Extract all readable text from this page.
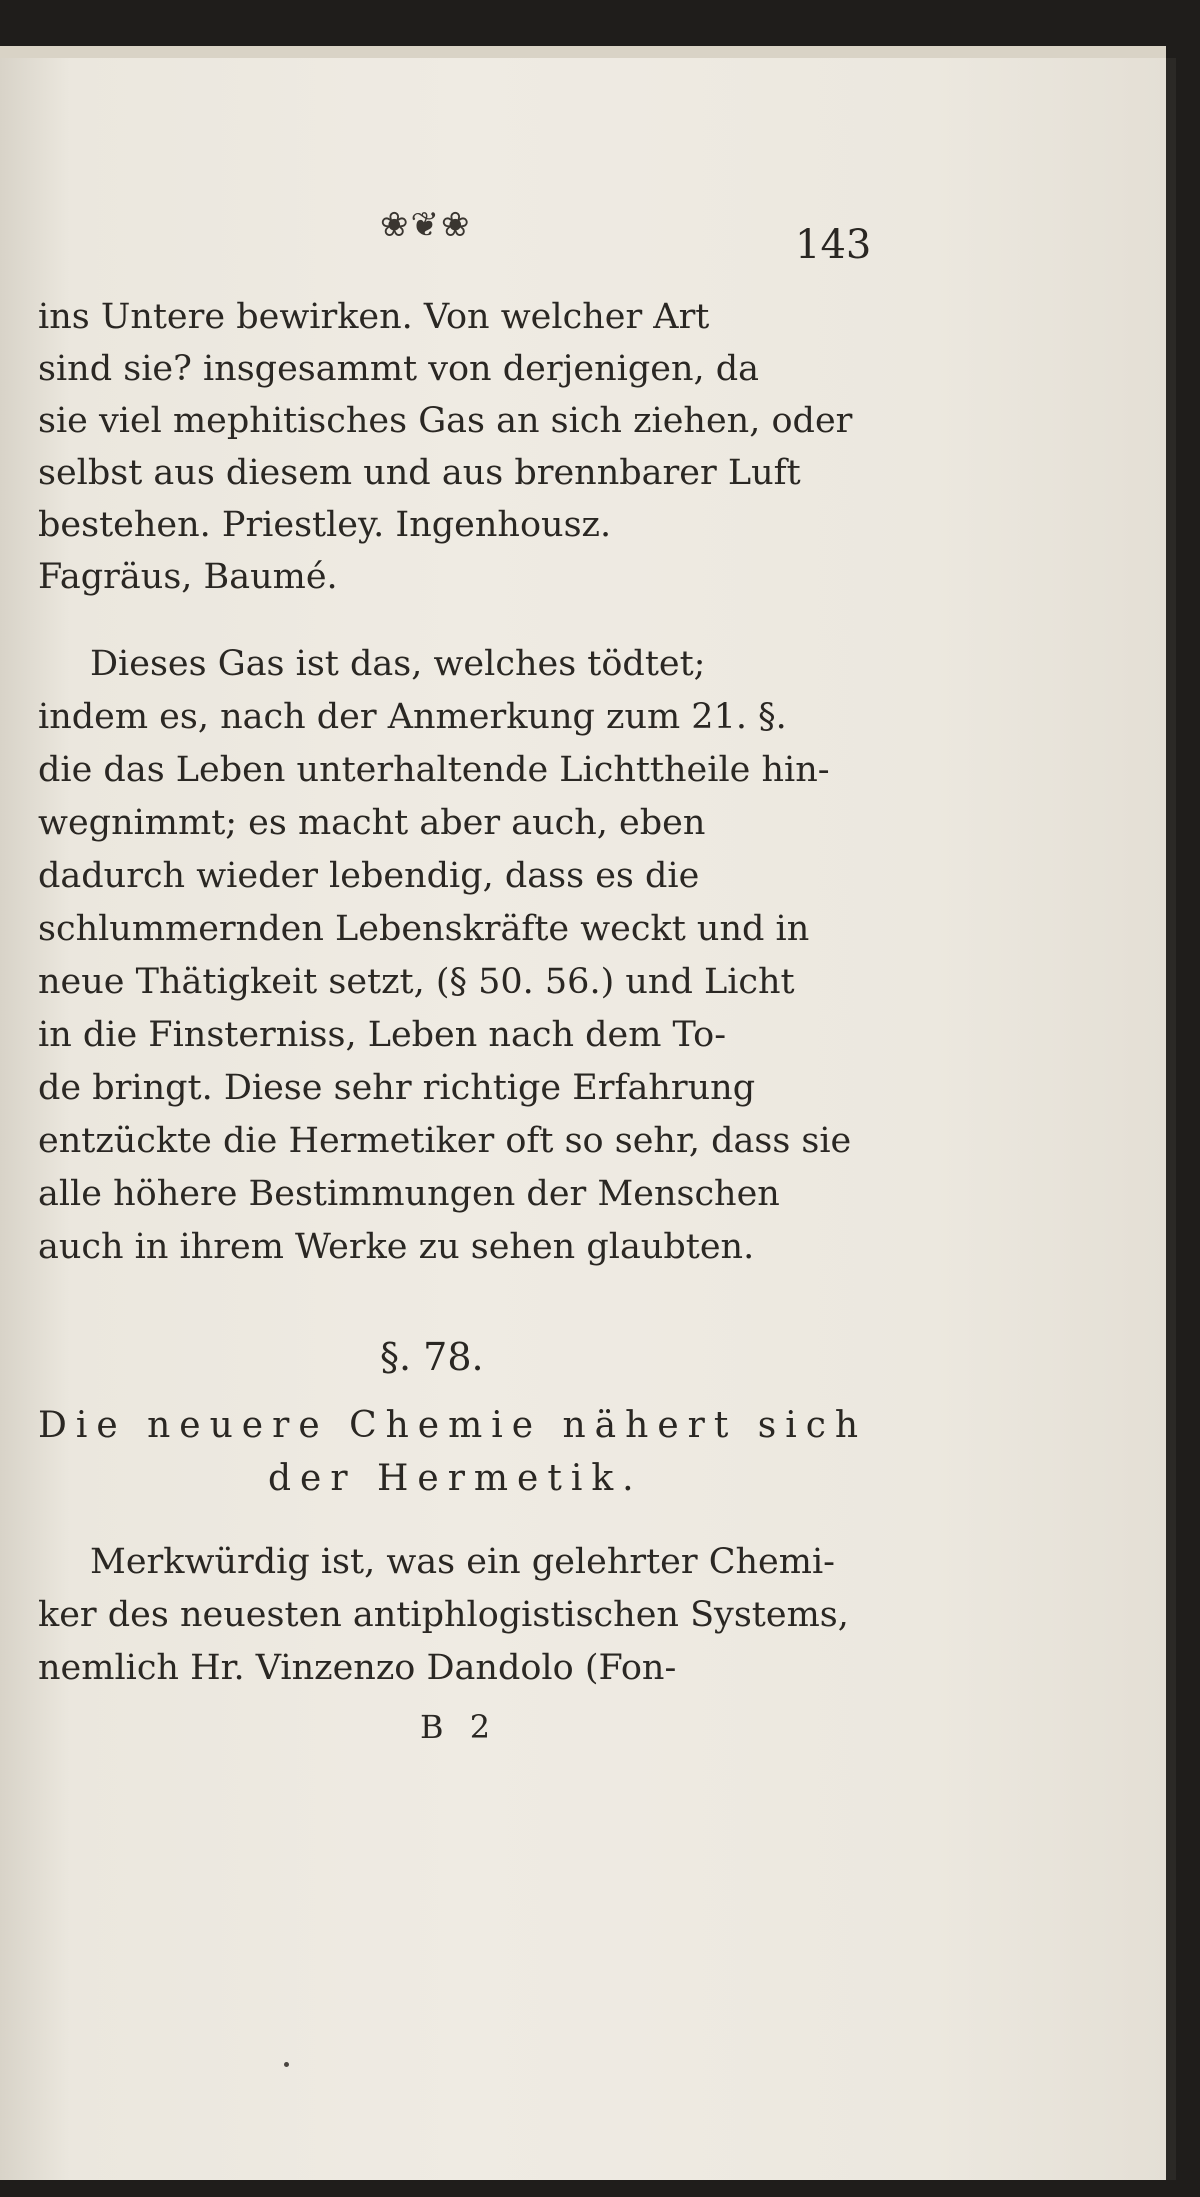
❀❦❀	143
ins Untere bewirken. Von welcher Art
sind sie? insgesammt von derjenigen, da
sie viel mephitisches Gas an sich ziehen, oder
selbst aus diesem und aus brennbarer Luft
bestehen. Priestley. Ingenhousz.
Fagräus, Baumé.
Dieses Gas ist das, welches tödtet;
indem es, nach der Anmerkung zum 21. §.
die das Leben unterhaltende Lichttheile hin-
wegnimmt; es macht aber auch, eben
dadurch wieder lebendig, dass es die
schlummernden Lebenskräfte weckt und in
neue Thätigkeit setzt, (§ 50. 56.) und Licht
in die Finsterniss, Leben nach dem To-
de bringt. Diese sehr richtige Erfahrung
entzückte die Hermetiker oft so sehr, dass sie
alle höhere Bestimmungen der Menschen
auch in ihrem Werke zu sehen glaubten.
§. 78.
Die neuere Chemie nähert sich
der Hermetik.
Merkwürdig ist, was ein gelehrter Chemi-
ker des neuesten antiphlogistischen Systems,
nemlich Hr. Vinzenzo Dandolo (Fon-
B 2
